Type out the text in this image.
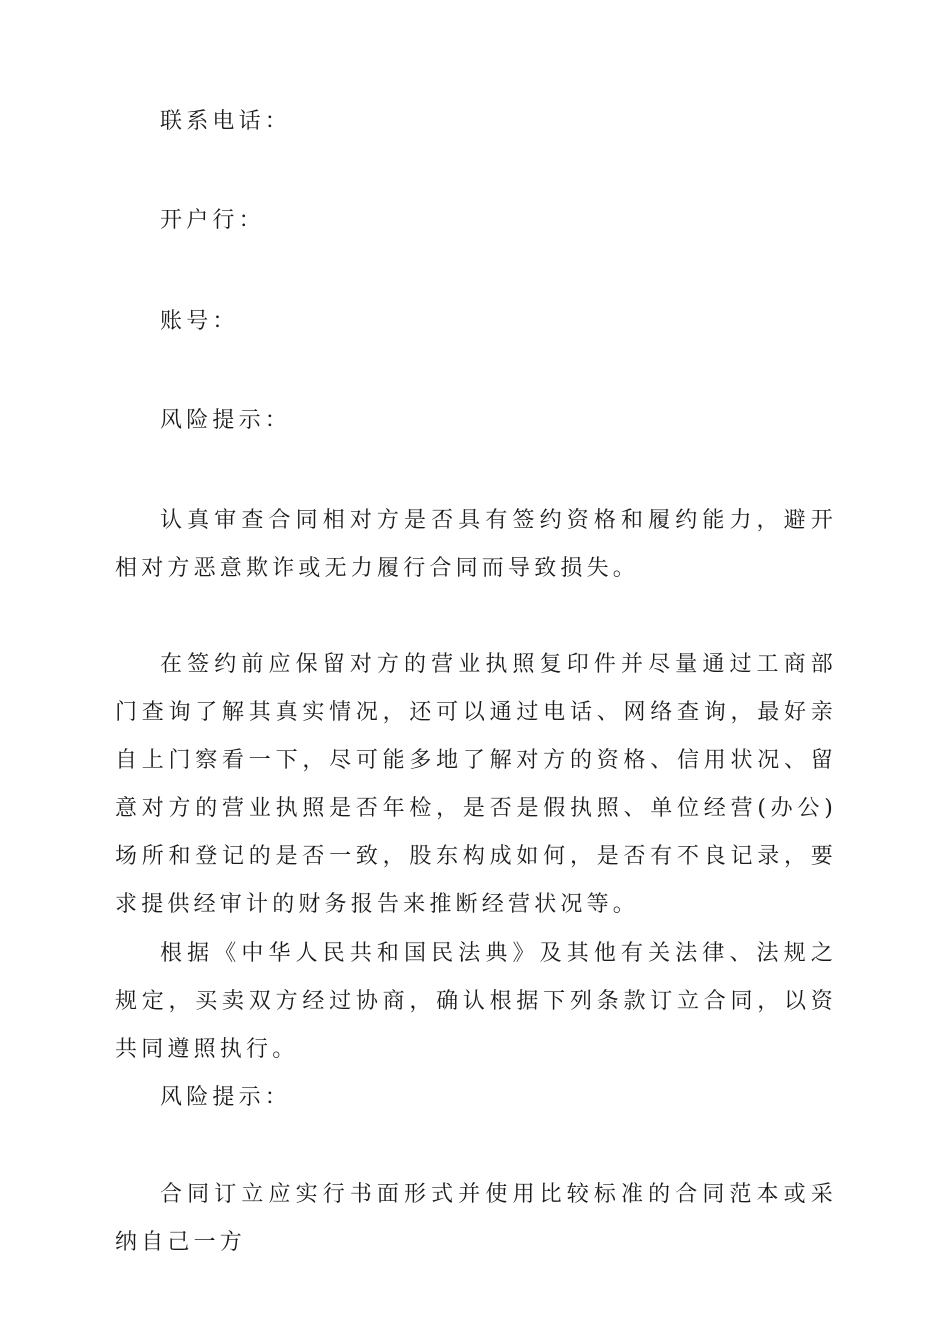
联系电话：

开户行：

账号：

风险提示：

认真审查合同相对方是否具有签约资格和履约能力，避开相对方恶意欺诈或无力履行合同而导致损失。

在签约前应保留对方的营业执照复印件并尽量通过工商部门查询了解其真实情况，还可以通过电话、网络查询，最好亲自上门察看一下，尽可能多地了解对方的资格、信用状况、留意对方的营业执照是否年检，是否是假执照、单位经营(办公)场所和登记的是否一致，股东构成如何，是否有不良记录，要求提供经审计的财务报告来推断经营状况等。

根据《中华人民共和国民法典》及其他有关法律、法规之规定，买卖双方经过协商，确认根据下列条款订立合同，以资共同遵照执行。

风险提示：

合同订立应实行书面形式并使用比较标准的合同范本或采纳自己一方
